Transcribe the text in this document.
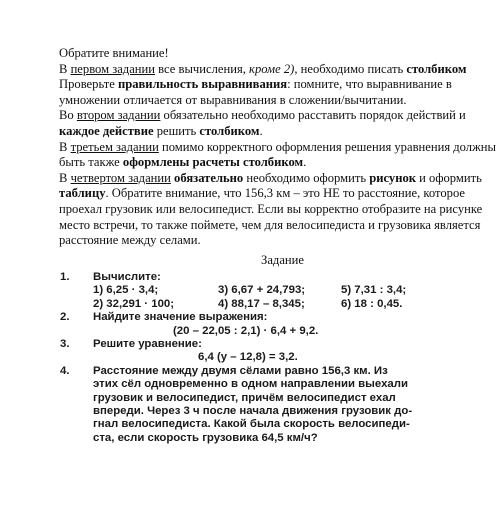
Обратите внимание!
В первом задании все вычисления, кроме 2), необходимо писать столбиком
Проверьте правильность выравнивания: помните, что выравнивание в
умножении отличается от выравнивания в сложении/вычитании.
Во втором задании обязательно необходимо расставить порядок действий и
каждое действие решить столбиком.
В третьем задании помимо корректного оформления решения уравнения должны
быть также оформлены расчеты столбиком.
В четвертом задании обязательно необходимо оформить рисунок и оформить
таблицу. Обратите внимание, что 156,3 км – это НЕ то расстояние, которое
проехал грузовик или велосипедист. Если вы корректно отобразите на рисунке
место встречи, то также поймете, чем для велосипедиста и грузовика является
расстояние между селами.
Задание
1. Вычислите:
1) 6,25 · 3,4;	3) 6,67 + 24,793;	5) 7,31 : 3,4;
2) 32,291 · 100;	4) 88,17 – 8,345;	6) 18 : 0,45.
2. Найдите значение выражения:
(20 – 22,05 : 2,1) · 6,4 + 9,2.
3. Решите уравнение:
6,4 (y – 12,8) = 3,2.
4. Расстояние между двумя сёлами равно 156,3 км. Из
этих сёл одновременно в одном направлении выехали
грузовик и велосипедист, причём велосипедист ехал
впереди. Через 3 ч после начала движения грузовик до-
гнал велосипедиста. Какой была скорость велосипеди-
ста, если скорость грузовика 64,5 км/ч?
